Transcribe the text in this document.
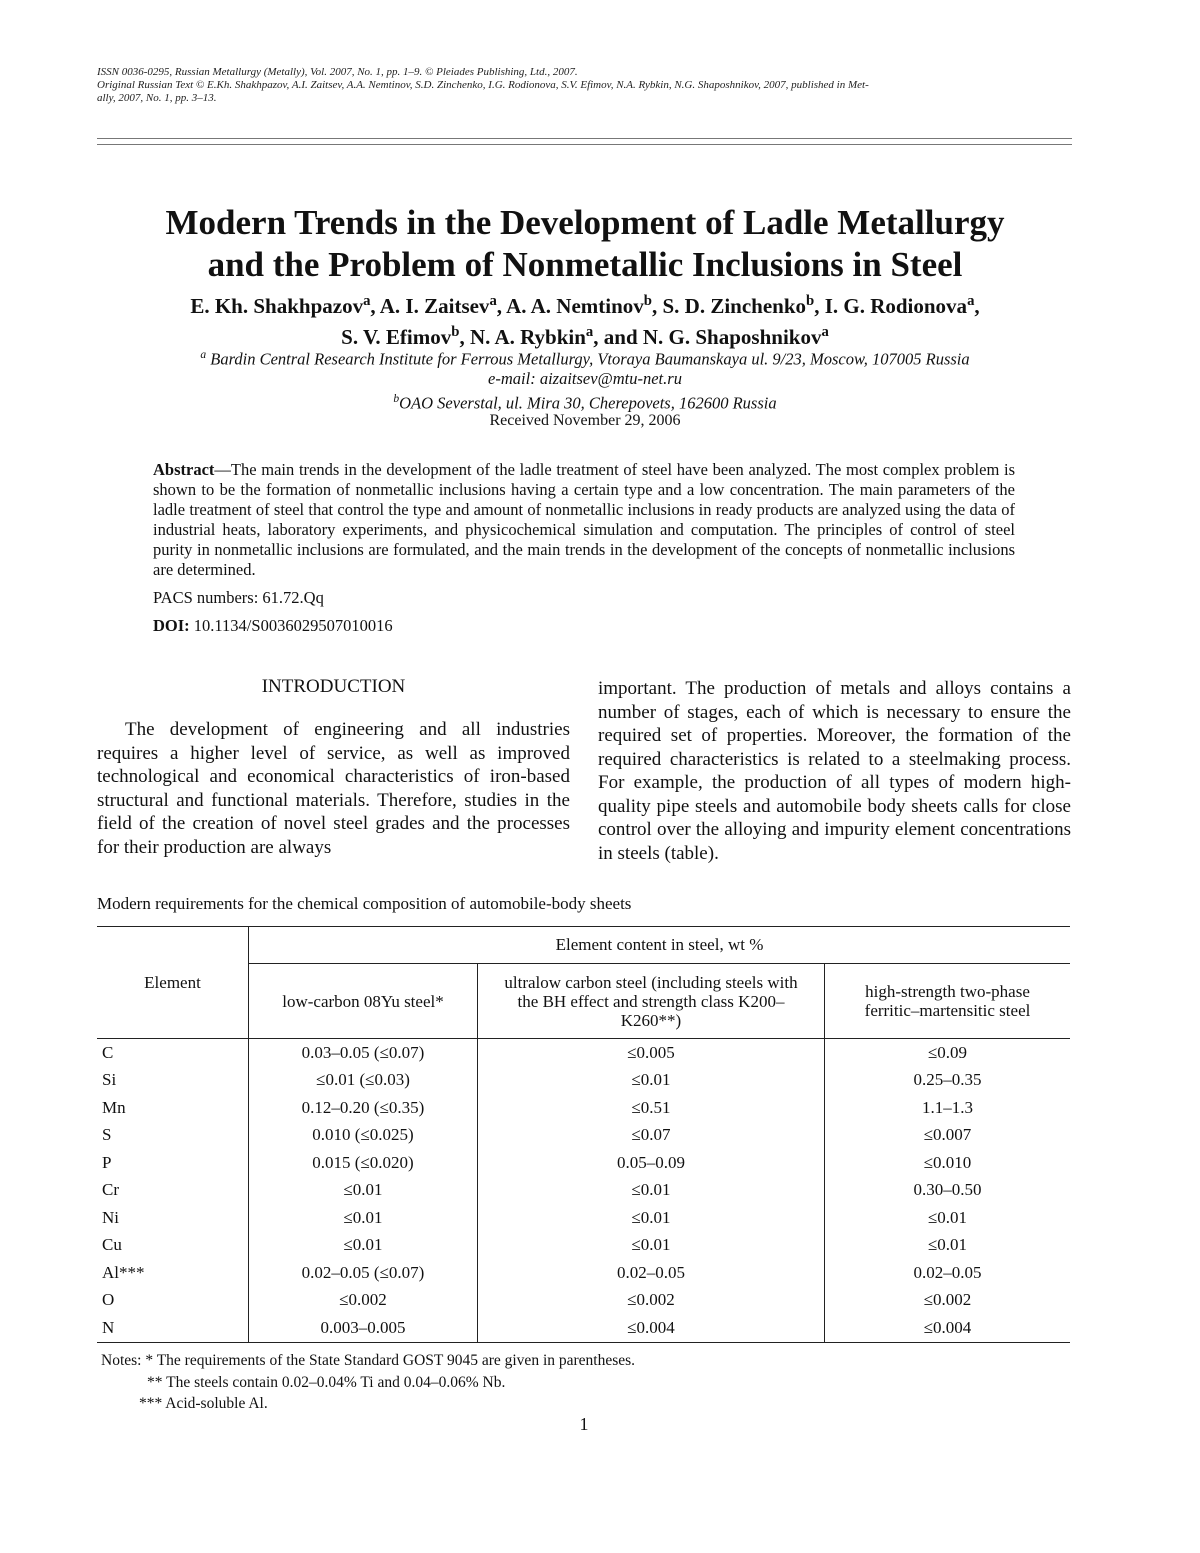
ISSN 0036-0295, Russian Metallurgy (Metally), Vol. 2007, No. 1, pp. 1–9. © Pleiades Publishing, Ltd., 2007.
Original Russian Text © E.Kh. Shakhpazov, A.I. Zaitsev, A.A. Nemtinov, S.D. Zinchenko, I.G. Rodionova, S.V. Efimov, N.A. Rybkin, N.G. Shaposhnikov, 2007, published in Met-
ally, 2007, No. 1, pp. 3–13.
Modern Trends in the Development of Ladle Metallurgy
and the Problem of Nonmetallic Inclusions in Steel
E. Kh. Shakhpazov$^a$, A. I. Zaitsev$^a$, A. A. Nemtinov$^b$, S. D. Zinchenko$^b$, I. G. Rodionova$^a$,
S. V. Efimov$^b$, N. A. Rybkin$^a$, and N. G. Shaposhnikov$^a$
$^a$ Bardin Central Research Institute for Ferrous Metallurgy, Vtoraya Baumanskaya ul. 9/23, Moscow, 107005 Russia
e-mail: aizaitsev@mtu-net.ru
$^b$OAO Severstal, ul. Mira 30, Cherepovets, 162600 Russia
Received November 29, 2006
Abstract—The main trends in the development of the ladle treatment of steel have been analyzed. The most complex problem is shown to be the formation of nonmetallic inclusions having a certain type and a low concentration. The main parameters of the ladle treatment of steel that control the type and amount of nonmetallic inclusions in ready products are analyzed using the data of industrial heats, laboratory experiments, and physicochemical simulation and computation. The principles of control of steel purity in nonmetallic inclusions are formulated, and the main trends in the development of the concepts of nonmetallic inclusions are determined.
PACS numbers: 61.72.Qq
DOI: 10.1134/S0036029507010016
INTRODUCTION
The development of engineering and all industries requires a higher level of service, as well as improved technological and economical characteristics of iron-based structural and functional materials. Therefore, studies in the field of the creation of novel steel grades and the processes for their production are always
important. The production of metals and alloys contains a number of stages, each of which is necessary to ensure the required set of properties. Moreover, the formation of the required characteristics is related to a steelmaking process. For example, the production of all types of modern high-quality pipe steels and automobile body sheets calls for close control over the alloying and impurity element concentrations in steels (table).
Modern requirements for the chemical composition of automobile-body sheets
Element	Element content in steel, wt %		
	low-carbon 08Yu steel*	ultralow carbon steel (including steels with the BH effect and strength class K200–K260**)	high-strength two-phase ferritic–martensitic steel
C	0.03–0.05 (≤0.07)	≤0.005	≤0.09
Si	≤0.01 (≤0.03)	≤0.01	0.25–0.35
Mn	0.12–0.20 (≤0.35)	≤0.51	1.1–1.3
S	0.010 (≤0.025)	≤0.07	≤0.007
P	0.015 (≤0.020)	0.05–0.09	≤0.010
Cr	≤0.01	≤0.01	0.30–0.50
Ni	≤0.01	≤0.01	≤0.01
Cu	≤0.01	≤0.01	≤0.01
Al***	0.02–0.05 (≤0.07)	0.02–0.05	0.02–0.05
O	≤0.002	≤0.002	≤0.002
N	0.003–0.005	≤0.004	≤0.004
Notes: * The requirements of the State Standard GOST 9045 are given in parentheses.
** The steels contain 0.02–0.04% Ti and 0.04–0.06% Nb.
*** Acid-soluble Al.
1
